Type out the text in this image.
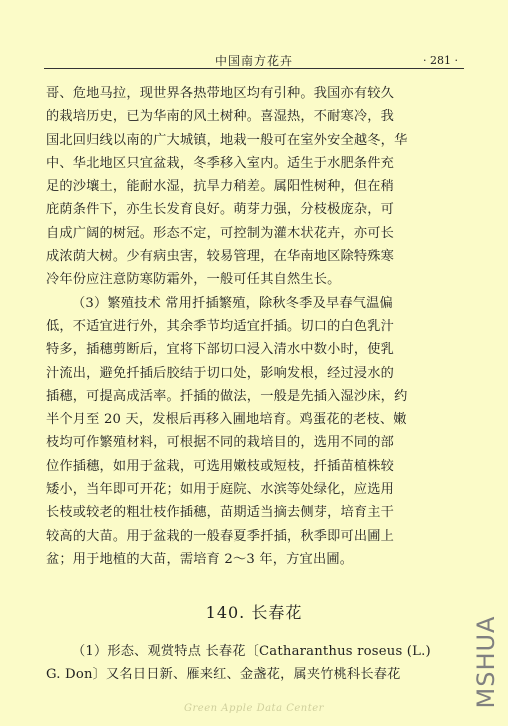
中国南方花卉	· 281 ·
哥、危地马拉，现世界各热带地区均有引种。我国亦有较久
的栽培历史，已为华南的风土树种。喜湿热，不耐寒冷，我
国北回归线以南的广大城镇，地栽一般可在室外安全越冬，华
中、华北地区只宜盆栽，冬季移入室内。适生于水肥条件充
足的沙壤土，能耐水湿，抗旱力稍差。属阳性树种，但在稍
庇荫条件下，亦生长发育良好。萌芽力强，分枝极庞杂，可
自成广阔的树冠。形态不定，可控制为灌木状花卉，亦可长
成浓荫大树。少有病虫害，较易管理，在华南地区除特殊寒
冷年份应注意防寒防霜外，一般可任其自然生长。
（3）繁殖技术 常用扦插繁殖，除秋冬季及早春气温偏
低，不适宜进行外，其余季节均适宜扦插。切口的白色乳汁
特多，插穗剪断后，宜将下部切口浸入清水中数小时，使乳
汁流出，避免扦插后胶结于切口处，影响发根，经过浸水的
插穗，可提高成活率。扦插的做法，一般是先插入湿沙床，约
半个月至 20 天，发根后再移入圃地培育。鸡蛋花的老枝、嫩
枝均可作繁殖材料，可根据不同的栽培目的，选用不同的部
位作插穗，如用于盆栽，可选用嫩枝或短枝，扦插苗植株较
矮小，当年即可开花；如用于庭院、水滨等处绿化，应选用
长枝或较老的粗壮枝作插穗，苗期适当摘去侧芽，培育主干
较高的大苗。用于盆栽的一般春夏季扦插，秋季即可出圃上
盆；用于地植的大苗，需培育 2～3 年，方宜出圃。
140. 长春花
（1）形态、观赏特点 长春花〔Catharanthus roseus (L.)
G. Don〕又名日日新、雁来红、金盏花，属夹竹桃科长春花
Green Apple Data Center
MSHUA
